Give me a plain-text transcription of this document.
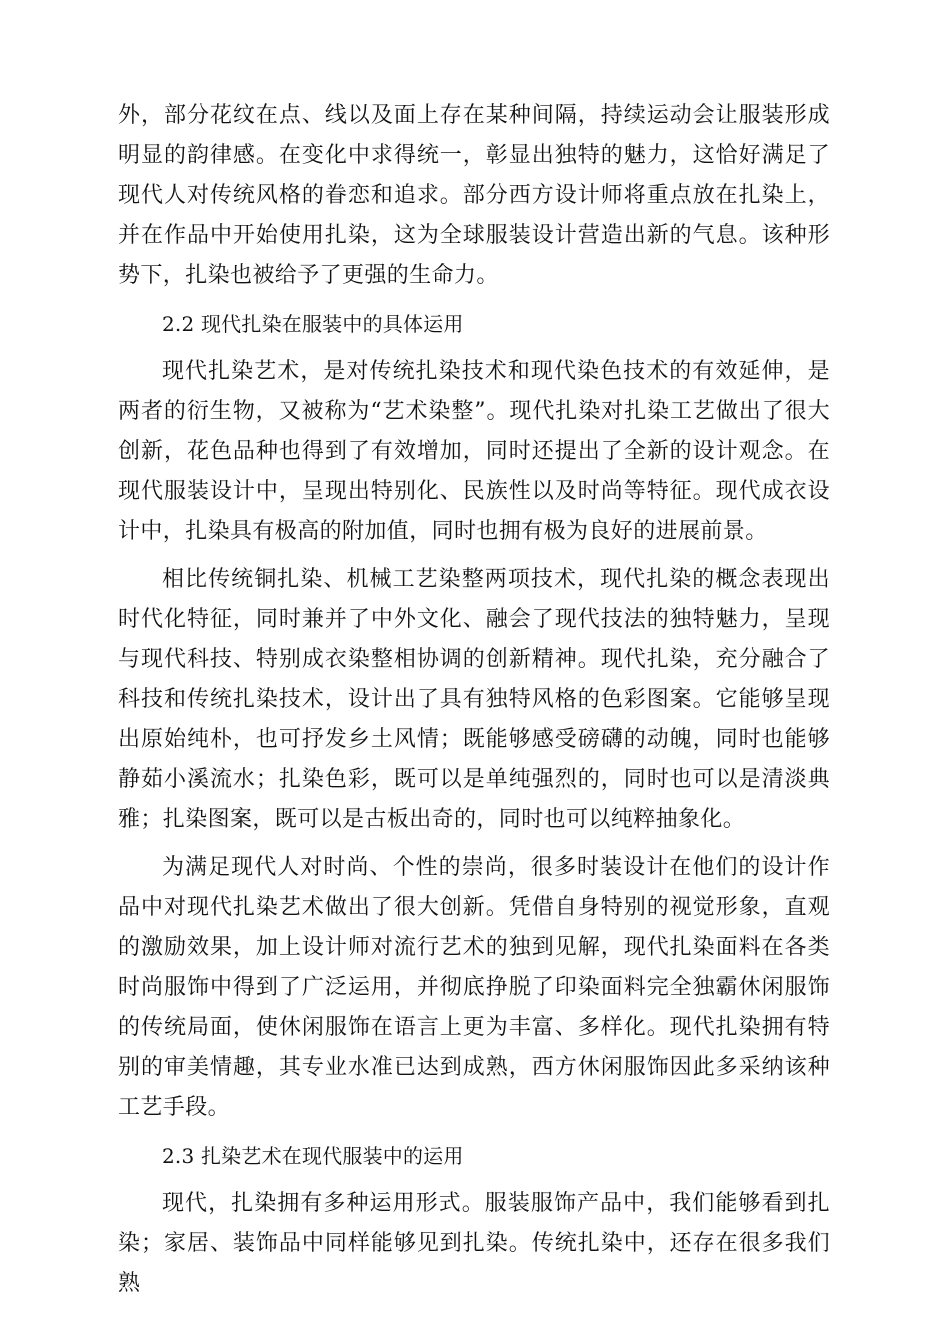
外，部分花纹在点、线以及面上存在某种间隔，持续运动会让服装形成明显的韵律感。在变化中求得统一，彰显出独特的魅力，这恰好满足了现代人对传统风格的眷恋和追求。部分西方设计师将重点放在扎染上，并在作品中开始使用扎染，这为全球服装设计营造出新的气息。该种形势下，扎染也被给予了更强的生命力。

2.2 现代扎染在服装中的具体运用

现代扎染艺术，是对传统扎染技术和现代染色技术的有效延伸，是两者的衍生物，又被称为“艺术染整”。现代扎染对扎染工艺做出了很大创新，花色品种也得到了有效增加，同时还提出了全新的设计观念。在现代服装设计中，呈现出特别化、民族性以及时尚等特征。现代成衣设计中，扎染具有极高的附加值，同时也拥有极为良好的进展前景。

相比传统铜扎染、机械工艺染整两项技术，现代扎染的概念表现出时代化特征，同时兼并了中外文化、融会了现代技法的独特魅力，呈现与现代科技、特别成衣染整相协调的创新精神。现代扎染，充分融合了科技和传统扎染技术，设计出了具有独特风格的色彩图案。它能够呈现出原始纯朴，也可抒发乡土风情；既能够感受磅礴的动魄，同时也能够静茹小溪流水；扎染色彩，既可以是单纯强烈的，同时也可以是清淡典雅；扎染图案，既可以是古板出奇的，同时也可以纯粹抽象化。

为满足现代人对时尚、个性的崇尚，很多时装设计在他们的设计作品中对现代扎染艺术做出了很大创新。凭借自身特别的视觉形象，直观的激励效果，加上设计师对流行艺术的独到见解，现代扎染面料在各类时尚服饰中得到了广泛运用，并彻底挣脱了印染面料完全独霸休闲服饰的传统局面，使休闲服饰在语言上更为丰富、多样化。现代扎染拥有特别的审美情趣，其专业水准已达到成熟，西方休闲服饰因此多采纳该种工艺手段。

2.3 扎染艺术在现代服装中的运用

现代，扎染拥有多种运用形式。服装服饰产品中，我们能够看到扎染；家居、装饰品中同样能够见到扎染。传统扎染中，还存在很多我们熟
